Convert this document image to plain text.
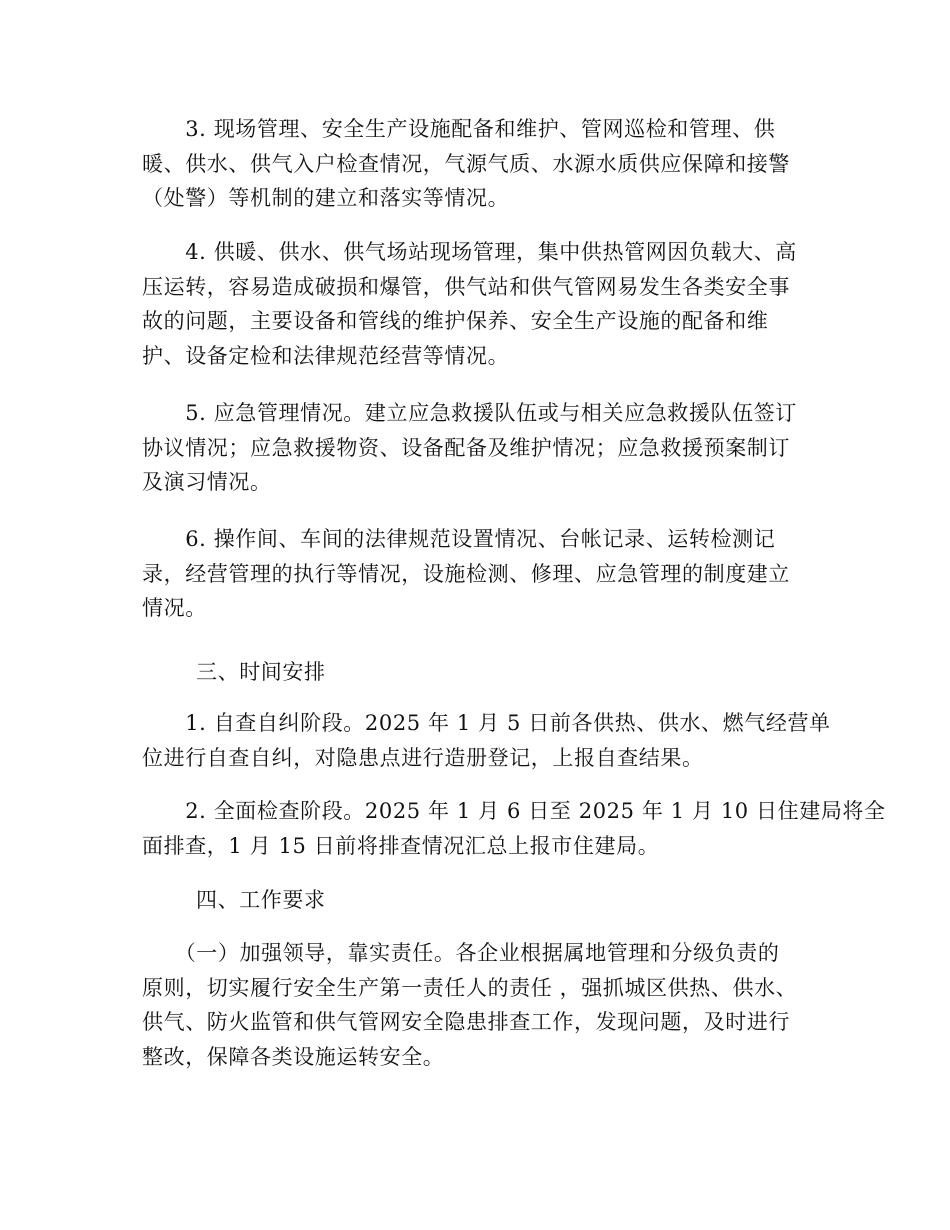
　　3. 现场管理、安全生产设施配备和维护、管网巡检和管理、供
暖、供水、供气入户检查情况，气源气质、水源水质供应保障和接警
（处警）等机制的建立和落实等情况。
　　4. 供暖、供水、供气场站现场管理，集中供热管网因负载大、高
压运转，容易造成破损和爆管，供气站和供气管网易发生各类安全事
故的问题，主要设备和管线的维护保养、安全生产设施的配备和维
护、设备定检和法律规范经营等情况。
　　5. 应急管理情况。建立应急救援队伍或与相关应急救援队伍签订
协议情况；应急救援物资、设备配备及维护情况；应急救援预案制订
及演习情况。
　　6. 操作间、车间的法律规范设置情况、台帐记录、运转检测记
录，经营管理的执行等情况，设施检测、修理、应急管理的制度建立
情况。
三、时间安排
　　1. 自查自纠阶段。2025 年 1 月 5 日前各供热、供水、燃气经营单
位进行自查自纠，对隐患点进行造册登记，上报自查结果。
　　2. 全面检查阶段。2025 年 1 月 6 日至 2025 年 1 月 10 日住建局将全
面排查，1 月 15 日前将排查情况汇总上报市住建局。
四、工作要求
　　（一）加强领导，靠实责任。各企业根据属地管理和分级负责的
原则，切实履行安全生产第一责任人的责任 ，强抓城区供热、供水、
供气、防火监管和供气管网安全隐患排查工作，发现问题，及时进行
整改，保障各类设施运转安全。
